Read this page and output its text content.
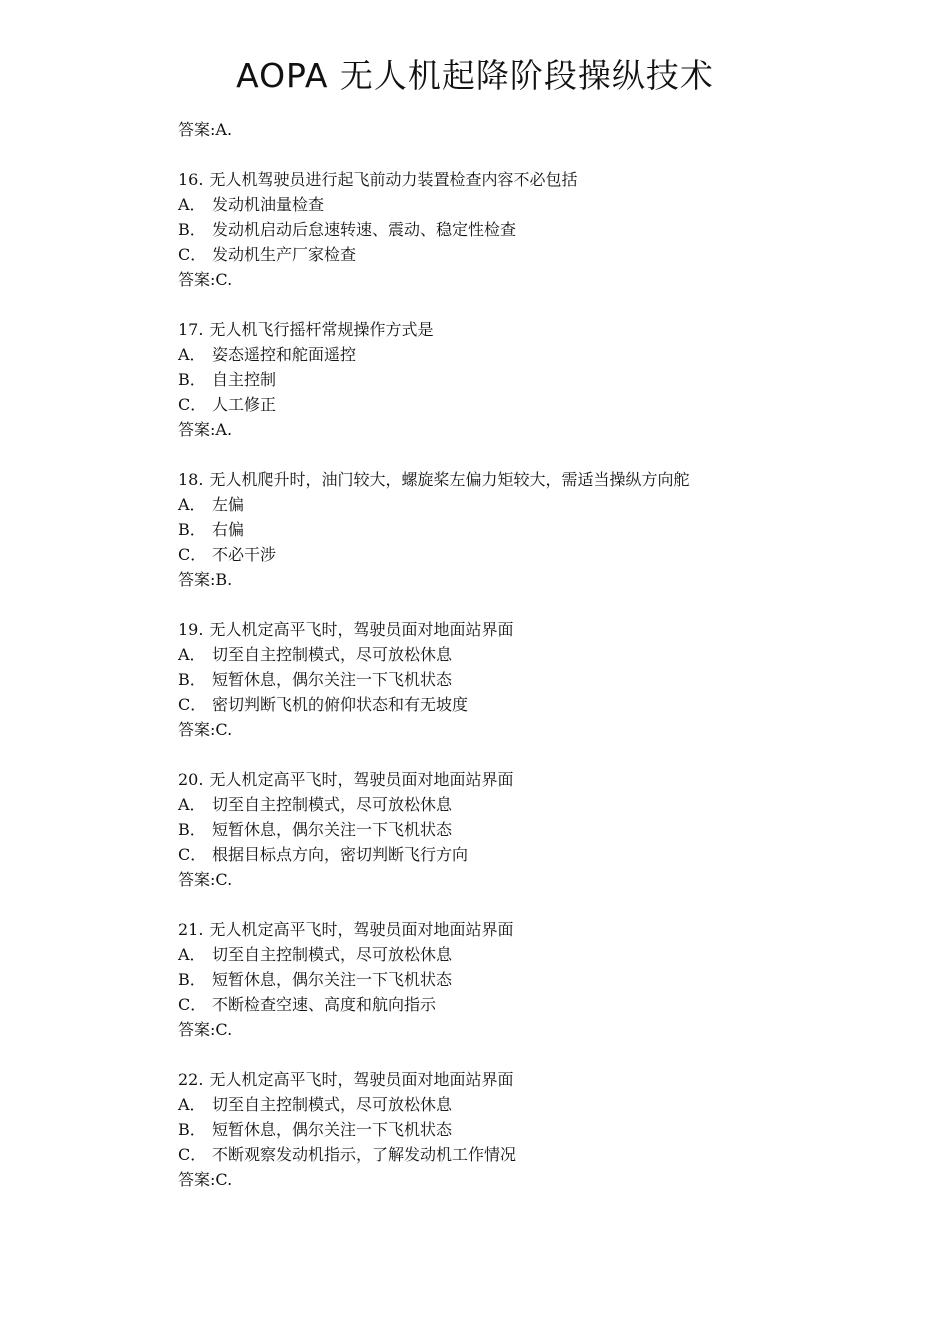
AOPA 无人机起降阶段操纵技术
答案:A.
16. 无人机驾驶员进行起飞前动力装置检查内容不必包括
A． 发动机油量检查
B． 发动机启动后怠速转速、震动、稳定性检查
C． 发动机生产厂家检查
答案:C.
17. 无人机飞行摇杆常规操作方式是
A． 姿态遥控和舵面遥控
B． 自主控制
C． 人工修正
答案:A.
18. 无人机爬升时，油门较大，螺旋桨左偏力矩较大，需适当操纵方向舵
A． 左偏
B． 右偏
C． 不必干涉
答案:B.
19. 无人机定高平飞时，驾驶员面对地面站界面
A． 切至自主控制模式，尽可放松休息
B． 短暂休息，偶尔关注一下飞机状态
C． 密切判断飞机的俯仰状态和有无坡度
答案:C.
20. 无人机定高平飞时，驾驶员面对地面站界面
A． 切至自主控制模式，尽可放松休息
B． 短暂休息，偶尔关注一下飞机状态
C． 根据目标点方向，密切判断飞行方向
答案:C.
21. 无人机定高平飞时，驾驶员面对地面站界面
A． 切至自主控制模式，尽可放松休息
B． 短暂休息，偶尔关注一下飞机状态
C． 不断检查空速、高度和航向指示
答案:C.
22. 无人机定高平飞时，驾驶员面对地面站界面
A． 切至自主控制模式，尽可放松休息
B． 短暂休息，偶尔关注一下飞机状态
C． 不断观察发动机指示，了解发动机工作情况
答案:C.
